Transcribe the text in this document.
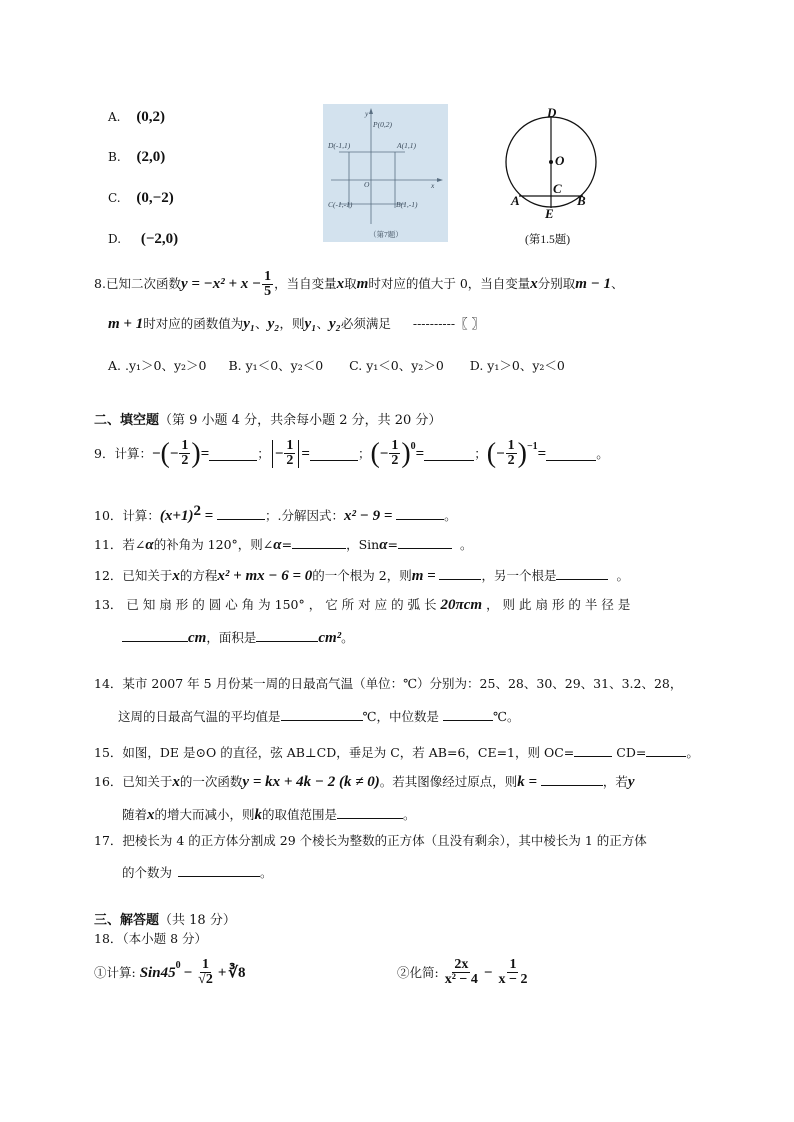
A. (0,2)
B. (2,0)
C. (0,−2)
D. (−2,0)
y
x
P(0,2)
A(1,1)
D(-1,1)
O
C(-1,-1)	B(1,-1)
（第7题）
D
O
C
A	B
E
(第1.5题)
8.已知二次函数$y = -x^2 + x - \frac{1}{5}$ ，当自变量x取m时对应的值大于 0，当自变量x分别取m − 1、
m + 1时对应的函数值为y₁、y₂，则y₁、y₂必须满足 ----------〖 〗
A. .y₁＞0、y₂＞0 B. y₁＜0、y₂＜0 C. y₁＜0、y₂＞0 D. y₁＞0、y₂＜0
二、填空题（第 9 小题 4 分，共余每小题 2 分，共 20 分）
9．计算： − ( − $\frac{1}{2}$ ) =	； − $\frac{1}{2}$ =	； ( − $\frac{1}{2} )^0$ =	； ( − $\frac{1}{2} )^{-1}$ =	。
10．计算：$(x+1)^2$ =	；.分解因式：x² − 9 =	。
11．若∠α的补角为 120°，则∠α=	，Sinα=	。
12．已知关于x的方程x² + mx − 6 = 0的一个根为 2，则m =	，另一个根是	。
13． 已 知 扇 形 的 圆 心 角 为 150° ， 它 所 对 应 的 弧 长 20πcm ， 则 此 扇 形 的 半 径 是
cm，面积是	cm²。
14．某市 2007 年 5 月份某一周的日最高气温（单位：℃）分别为：25、28、30、29、31、3.2、28，
这周的日最高气温的平均值是	℃，中位数是	℃。
15．如图，DE 是⊙O 的直径，弦 AB⊥CD，垂足为 C，若 AB=6，CE=1，则 OC=	CD=	。
16．已知关于x的一次函数y = kx + 4k − 2 (k ≠ 0)。若其图像经过原点，则k =	，若y
随着x的增大而减小，则k的取值范围是	。
17．把棱长为 4 的正方体分割成 29 个棱长为整数的正方体（且没有剩余），其中棱长为 1 的正方体
的个数为	。
三、解答题（共 18 分）
18．（本小题 8 分）
①计算: $Sin45^0 - \frac{1}{√2}$ + ∛8	②化简: $\frac{2x}{\text{x² − 4}} - \frac{1}{x - 2}$
